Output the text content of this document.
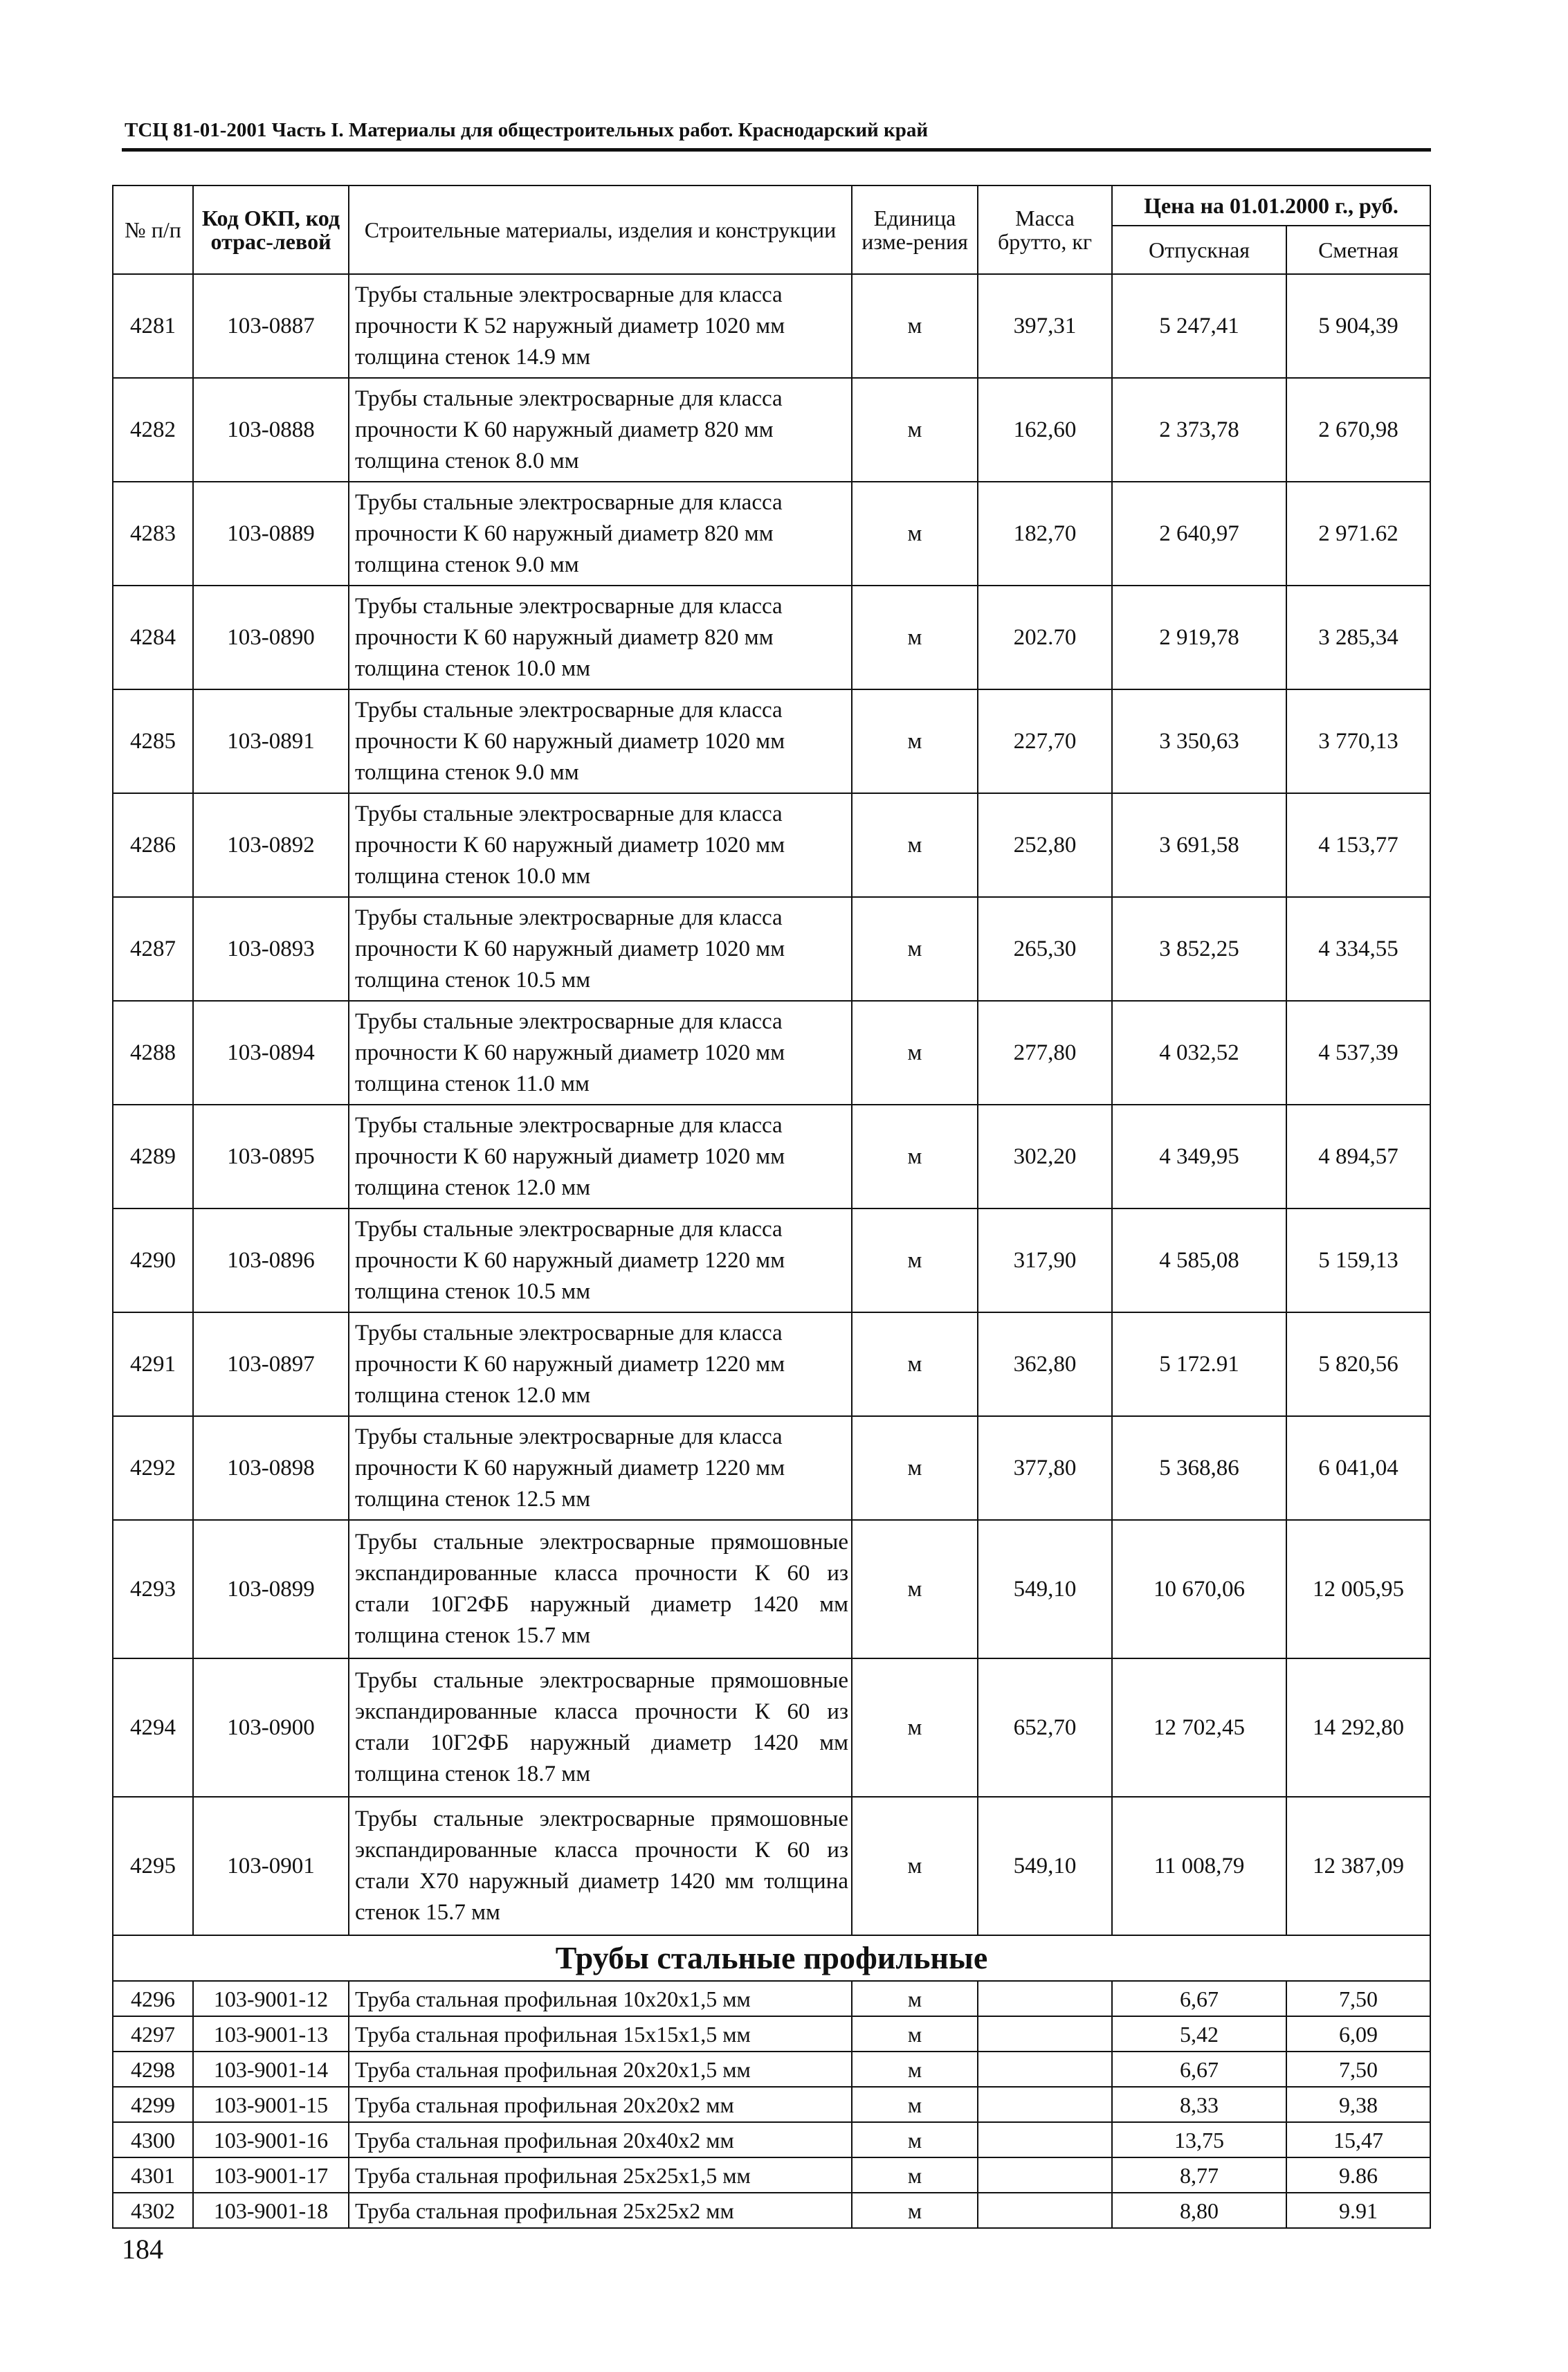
ТСЦ 81-01-2001 Часть I. Материалы для общестроительных работ. Краснодарский край
№ п/п	Код ОКП, код отрас-левой	Строительные материалы, изделия и конструкции	Единица изме-рения	Масса брутто, кг	Цена на 01.01.2000 г., руб.	
					Отпускная	Сметная
4281	103-0887	Трубы стальные электросварные для класса прочности К 52 наружный диаметр 1020 мм толщина стенок 14.9 мм	м	397,31	5 247,41	5 904,39
4282	103-0888	Трубы стальные электросварные для класса прочности К 60 наружный диаметр 820 мм толщина стенок 8.0 мм	м	162,60	2 373,78	2 670,98
4283	103-0889	Трубы стальные электросварные для класса прочности К 60 наружный диаметр 820 мм толщина стенок 9.0 мм	м	182,70	2 640,97	2 971.62
4284	103-0890	Трубы стальные электросварные для класса прочности К 60 наружный диаметр 820 мм толщина стенок 10.0 мм	м	202.70	2 919,78	3 285,34
4285	103-0891	Трубы стальные электросварные для класса прочности К 60 наружный диаметр 1020 мм толщина стенок 9.0 мм	м	227,70	3 350,63	3 770,13
4286	103-0892	Трубы стальные электросварные для класса прочности К 60 наружный диаметр 1020 мм толщина стенок 10.0 мм	м	252,80	3 691,58	4 153,77
4287	103-0893	Трубы стальные электросварные для класса прочности К 60 наружный диаметр 1020 мм толщина стенок 10.5 мм	м	265,30	3 852,25	4 334,55
4288	103-0894	Трубы стальные электросварные для класса прочности К 60 наружный диаметр 1020 мм толщина стенок 11.0 мм	м	277,80	4 032,52	4 537,39
4289	103-0895	Трубы стальные электросварные для класса прочности К 60 наружный диаметр 1020 мм толщина стенок 12.0 мм	м	302,20	4 349,95	4 894,57
4290	103-0896	Трубы стальные электросварные для класса прочности К 60 наружный диаметр 1220 мм толщина стенок 10.5 мм	м	317,90	4 585,08	5 159,13
4291	103-0897	Трубы стальные электросварные для класса прочности К 60 наружный диаметр 1220 мм толщина стенок 12.0 мм	м	362,80	5 172.91	5 820,56
4292	103-0898	Трубы стальные электросварные для класса прочности К 60 наружный диаметр 1220 мм толщина стенок 12.5 мм	м	377,80	5 368,86	6 041,04
4293	103-0899	Трубы стальные электросварные прямошовные экспандированные класса прочности К 60 из стали 10Г2ФБ наружный диаметр 1420 мм толщина стенок 15.7 мм	м	549,10	10 670,06	12 005,95
4294	103-0900	Трубы стальные электросварные прямошовные экспандированные класса прочности К 60 из стали 10Г2ФБ наружный диаметр 1420 мм толщина стенок 18.7 мм	м	652,70	12 702,45	14 292,80
4295	103-0901	Трубы стальные электросварные прямошовные экспандированные класса прочности К 60 из стали Х70 наружный диаметр 1420 мм толщина стенок 15.7 мм	м	549,10	11 008,79	12 387,09
Трубы стальные профильные						
4296	103-9001-12	Труба стальная профильная 10x20x1,5 мм	м		6,67	7,50
4297	103-9001-13	Труба стальная профильная 15x15x1,5 мм	м		5,42	6,09
4298	103-9001-14	Труба стальная профильная 20x20x1,5 мм	м		6,67	7,50
4299	103-9001-15	Труба стальная профильная 20x20x2 мм	м		8,33	9,38
4300	103-9001-16	Труба стальная профильная 20x40x2 мм	м		13,75	15,47
4301	103-9001-17	Труба стальная профильная 25x25x1,5 мм	м		8,77	9.86
4302	103-9001-18	Труба стальная профильная 25x25x2 мм	м		8,80	9.91
184
